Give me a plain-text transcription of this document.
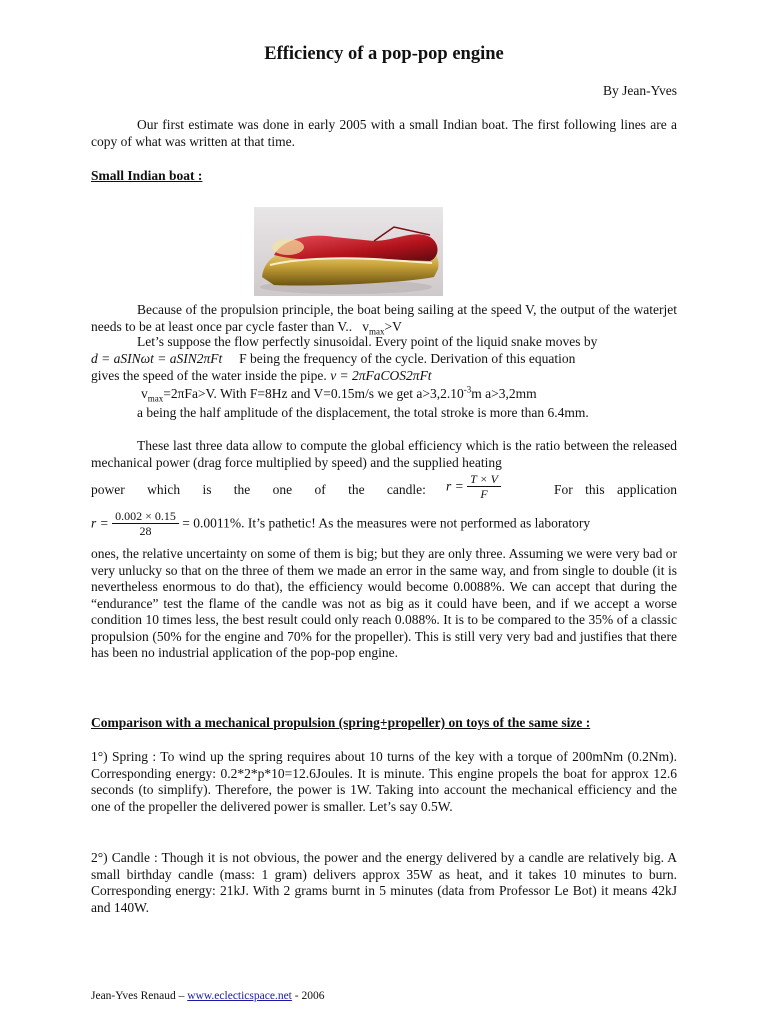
Efficiency of a pop-pop engine
By Jean-Yves
Our first estimate was done in early 2005 with a small Indian boat. The first following lines are a copy of what was written at that time.
Small Indian boat :
Because of the propulsion principle, the boat being sailing at the speed V, the output of the waterjet needs to be at least once par cycle faster than V.. $v_{max}>V$
Let’s suppose the flow perfectly sinusoidal. Every point of the liquid snake moves by
d = aSINωt = aSIN2πFt F being the frequency of the cycle. Derivation of this equation
gives the speed of the water inside the pipe. v = 2πFaCOS2πFt
$v_{max}=2\pi Fa>V$. With F=8Hz and V=0.15m/s we get $a>3,2.10^{-3}m$ a>3,2mm
a being the half amplitude of the displacement, the total stroke is more than 6.4mm.
These last three data allow to compute the global efficiency which is the ratio between the released mechanical power (drag force multiplied by speed) and the supplied heating
power which is the one of the candle: $r = \frac{T \times V}{F}$	For this application
$r = \frac{0.002 \times 0.15}{28} = 0.0011\%$. It’s pathetic! As the measures were not performed as laboratory
ones, the relative uncertainty on some of them is big; but they are only three. Assuming we were very bad or very unlucky so that on the three of them we made an error in the same way, and from single to double (it is nevertheless enormous to do that), the efficiency would become 0.0088%. We can accept that during the “endurance” test the flame of the candle was not as big as it could have been, and if we accept a worse condition 10 times less, the best result could only reach 0.088%. It is to be compared to the 35% of a classic propulsion (50% for the engine and 70% for the propeller). This is still very very bad and justifies that there has been no industrial application of the pop-pop engine.
Comparison with a mechanical propulsion (spring+propeller) on toys of the same size :
1°) Spring : To wind up the spring requires about 10 turns of the key with a torque of 200mNm (0.2Nm). Corresponding energy: 0.2*2*p*10=12.6Joules. It is minute. This engine propels the boat for approx 12.6 seconds (to simplify). Therefore, the power is 1W. Taking into account the mechanical efficiency and the one of the propeller the delivered power is smaller. Let’s say 0.5W.
2°) Candle : Though it is not obvious, the power and the energy delivered by a candle are relatively big. A small birthday candle (mass: 1 gram) delivers approx 35W as heat, and it takes 10 minutes to burn. Corresponding energy: 21kJ. With 2 grams burnt in 5 minutes (data from Professor Le Bot) it means 42kJ and 140W.
Jean-Yves Renaud – www.eclecticspace.net - 2006
